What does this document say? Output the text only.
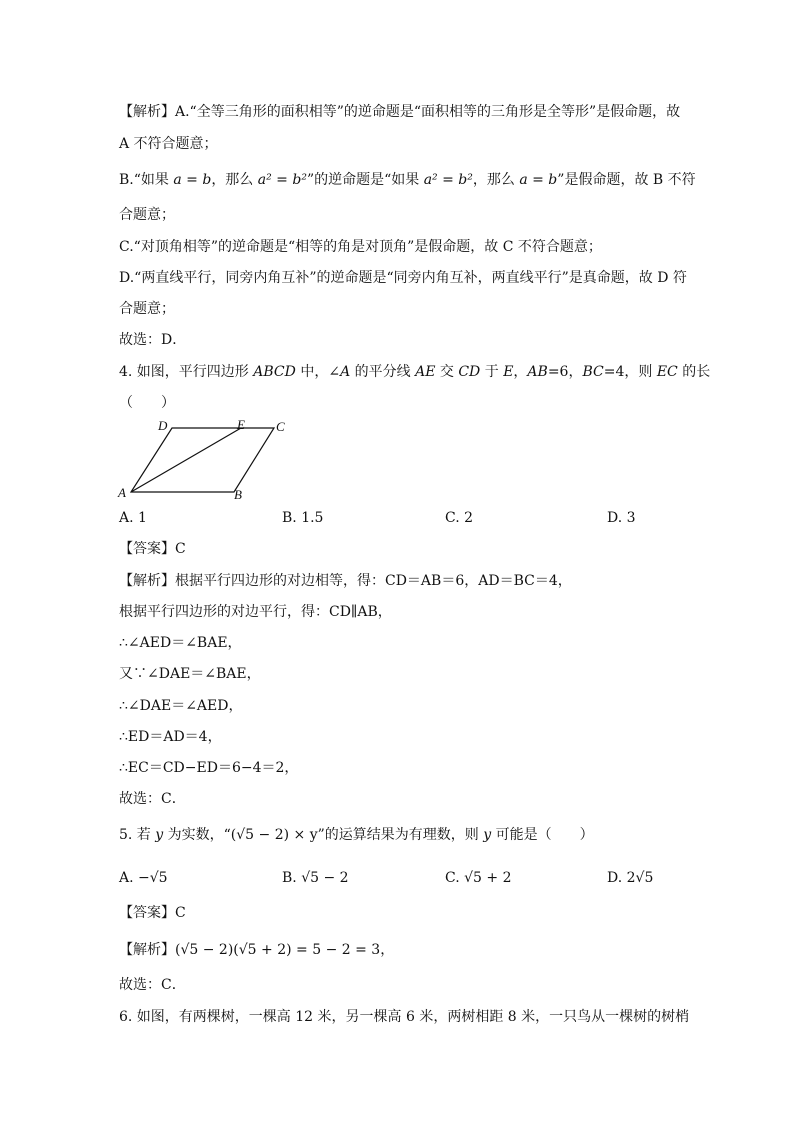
【解析】A.“全等三角形的面积相等”的逆命题是“面积相等的三角形是全等形”是假命题，故
A 不符合题意；
B.“如果 a = b，那么 a² = b²”的逆命题是“如果 a² = b²，那么 a = b”是假命题，故 B 不符
合题意；
C.“对顶角相等”的逆命题是“相等的角是对顶角”是假命题，故 C 不符合题意；
D.“两直线平行，同旁内角互补”的逆命题是“同旁内角互补，两直线平行”是真命题，故 D 符
合题意；
故选：D．
4. 如图，平行四边形 ABCD 中，∠A 的平分线 AE 交 CD 于 E，AB=6，BC=4，则 EC 的长
（　　）
D	E C
A	B
A. 1	B. 1.5	C. 2	D. 3
【答案】C
【解析】根据平行四边形的对边相等，得：CD＝AB＝6，AD＝BC＝4，
根据平行四边形的对边平行，得：CD∥AB，
∴∠AED＝∠BAE，
又∵∠DAE＝∠BAE，
∴∠DAE＝∠AED，
∴ED＝AD＝4，
∴EC＝CD−ED＝6−4＝2，
故选：C．
5. 若 y 为实数，“(√5 − 2) × y”的运算结果为有理数，则 y 可能是（　　）
A. −√5	B. √5 − 2	C. √5 + 2	D. 2√5
【答案】C
【解析】(√5 − 2)(√5 + 2) = 5 − 2 = 3，
故选：C．
6. 如图，有两棵树，一棵高 12 米，另一棵高 6 米，两树相距 8 米，一只鸟从一棵树的树梢
